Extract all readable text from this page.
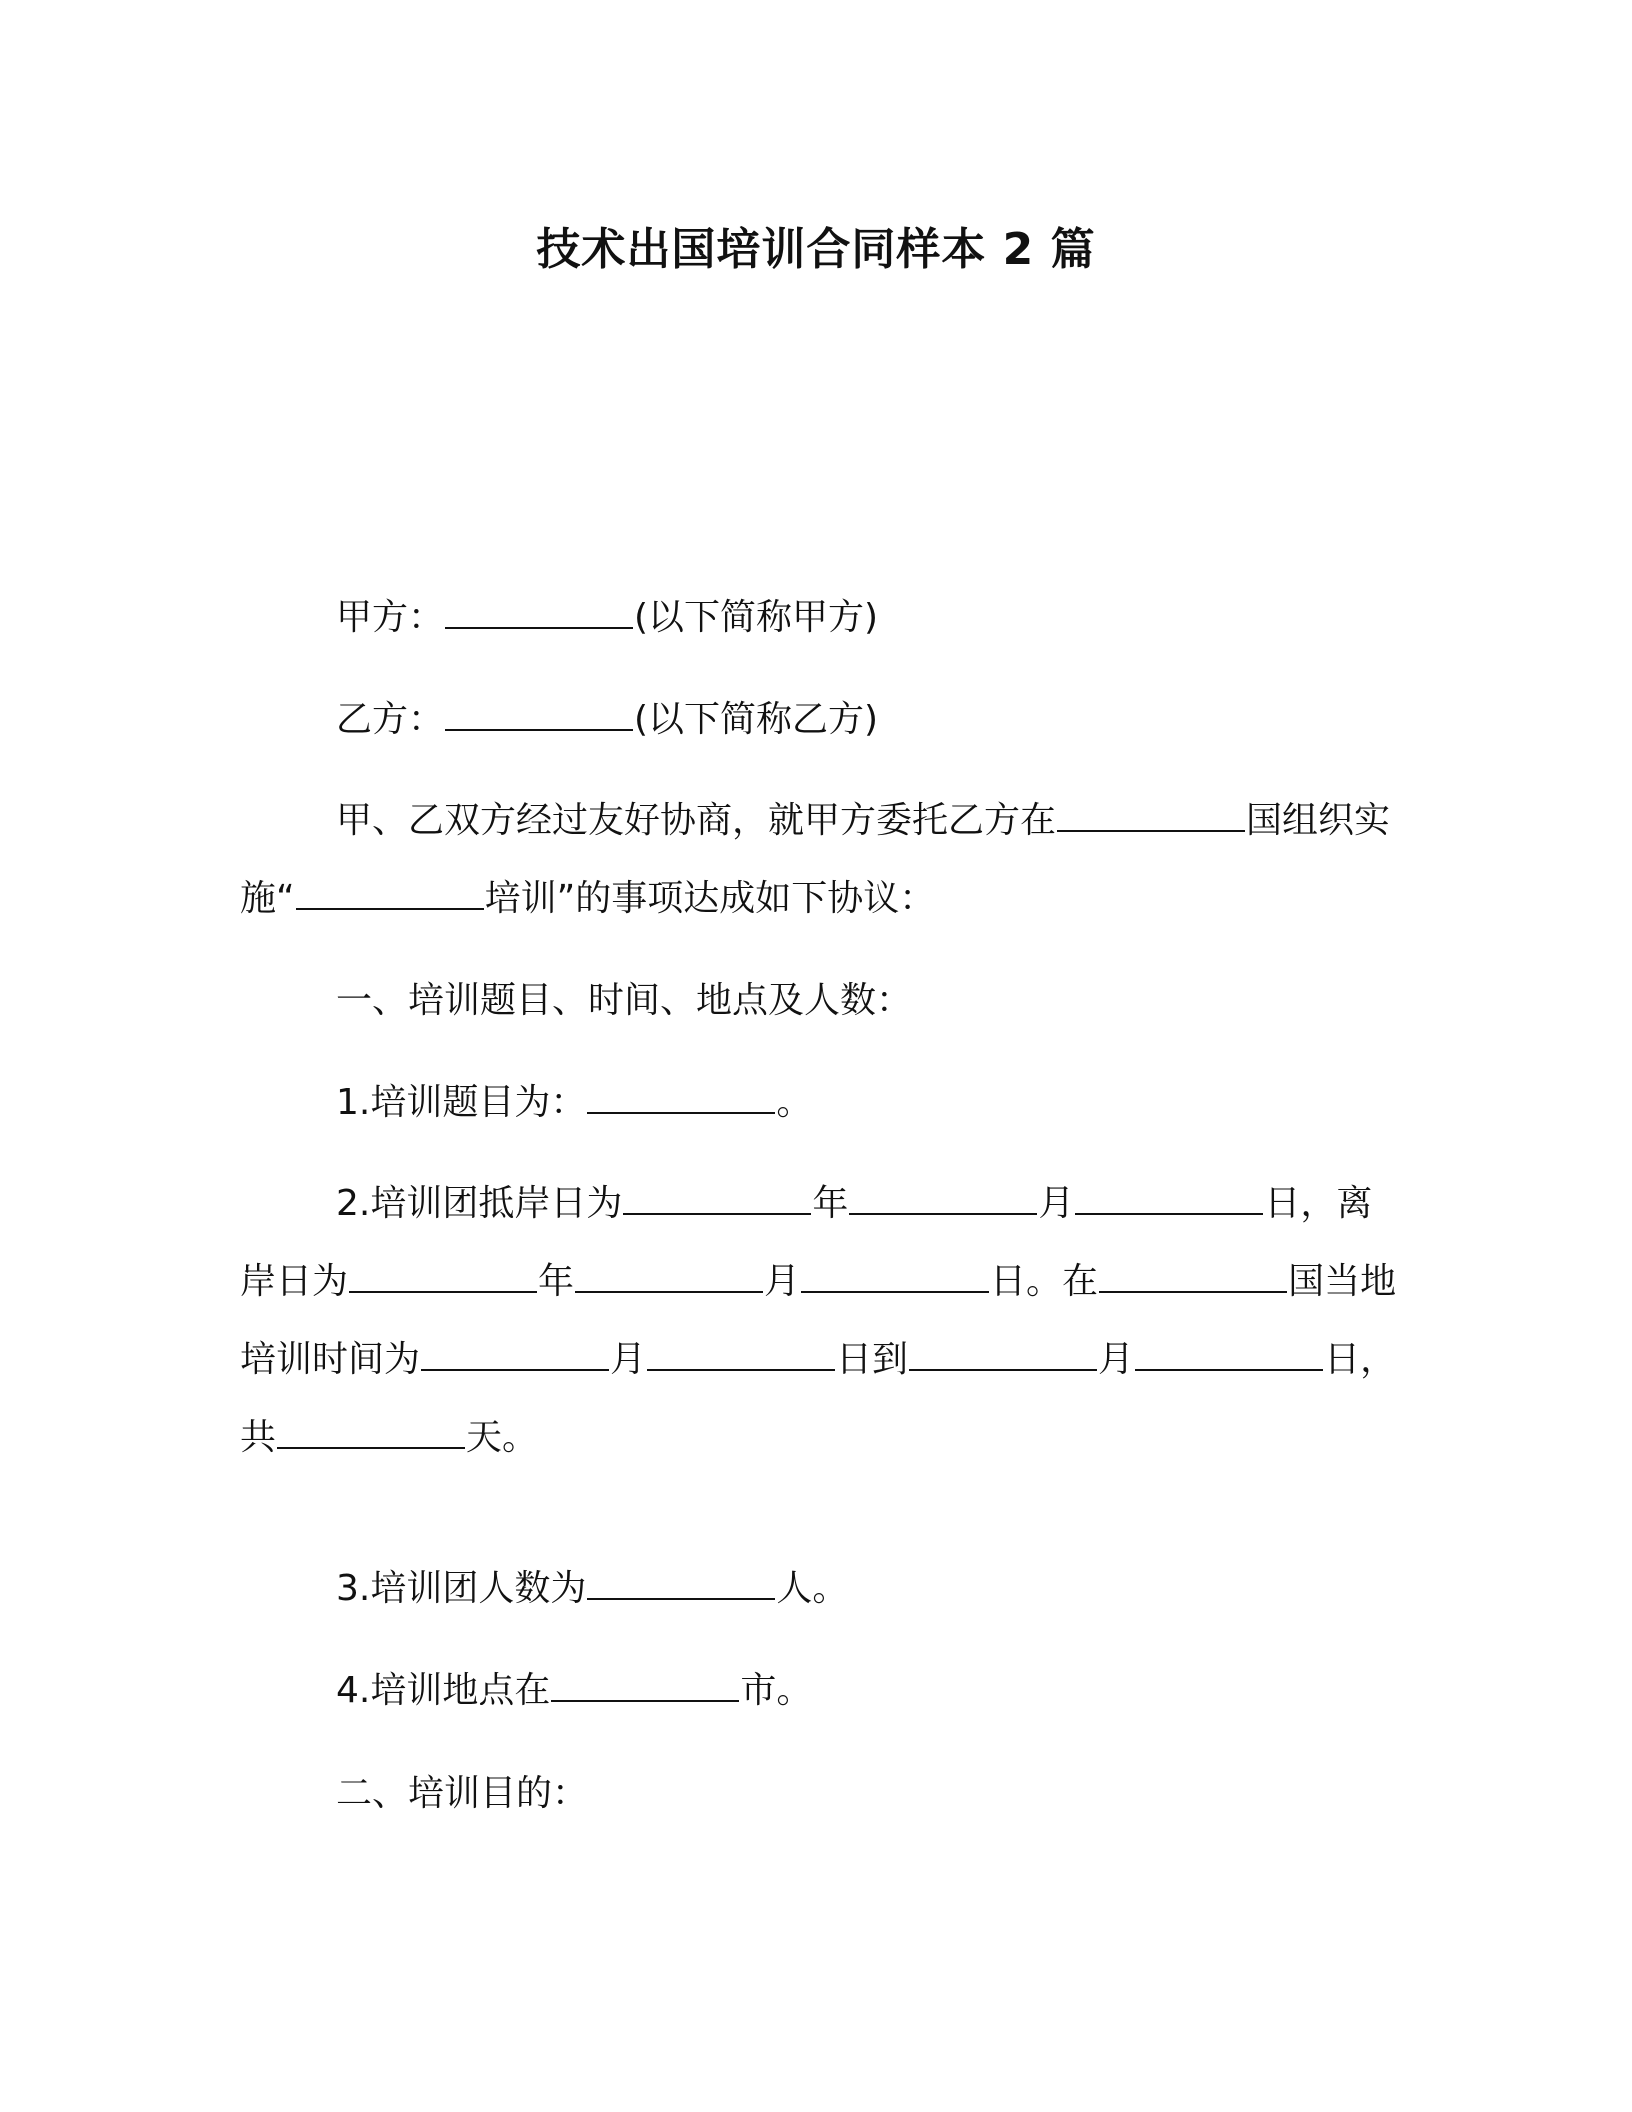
技术出国培训合同样本 2 篇

甲方：	(以下简称甲方)

乙方：	(以下简称乙方)

甲、乙双方经过友好协商，就甲方委托乙方在	国组织实施“	培训”的事项达成如下协议：

一、培训题目、时间、地点及人数：

1.培训题目为：	。

2.培训团抵岸日为	年	月	日，离岸日为	年	月	日。在	国当地培训时间为	月	日到	月	日，共	天。

3.培训团人数为	人。

4.培训地点在	市。

二、培训目的：
